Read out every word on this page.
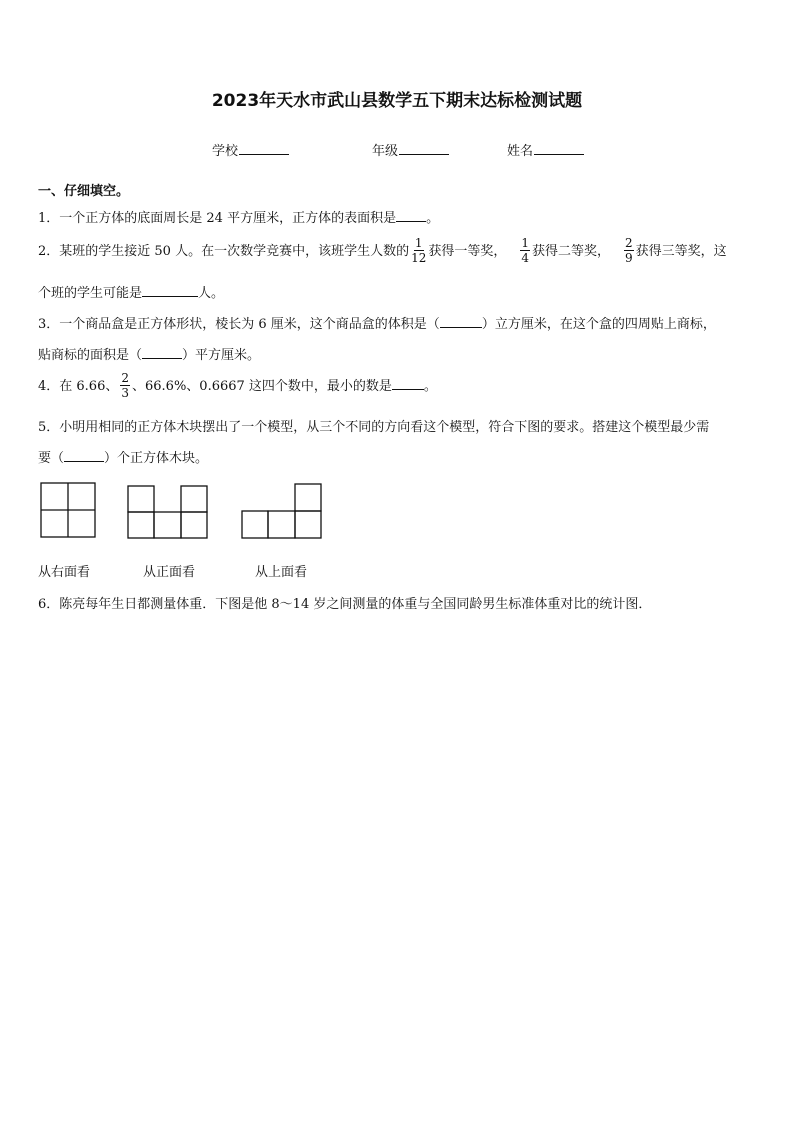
2023年天水市武山县数学五下期末达标检测试题
学校	年级	姓名
一、仔细填空。
1．一个正方体的底面周长是 24 平方厘米，正方体的表面积是 。
2．某班的学生接近 50 人。在一次数学竞赛中，该班学生人数的 $\frac{1}{12}$ 获得一等奖， $\frac{1}{4}$ 获得二等奖， $\frac{2}{9}$ 获得三等奖，这
个班的学生可能是	人。
3．一个商品盒是正方体形状，棱长为 6 厘米，这个商品盒的体积是（	）立方厘米，在这个盒的四周贴上商标，
贴商标的面积是（	）平方厘米。
4．在 6.66、 $\frac{2}{3}$ 、66.6%、0.6667 这四个数中，最小的数是 。
5．小明用相同的正方体木块摆出了一个模型，从三个不同的方向看这个模型，符合下图的要求。搭建这个模型最少需
要（	）个正方体木块。
从右面看	从正面看	从上面看
6．陈亮每年生日都测量体重．下图是他 8～14 岁之间测量的体重与全国同龄男生标准体重对比的统计图．
